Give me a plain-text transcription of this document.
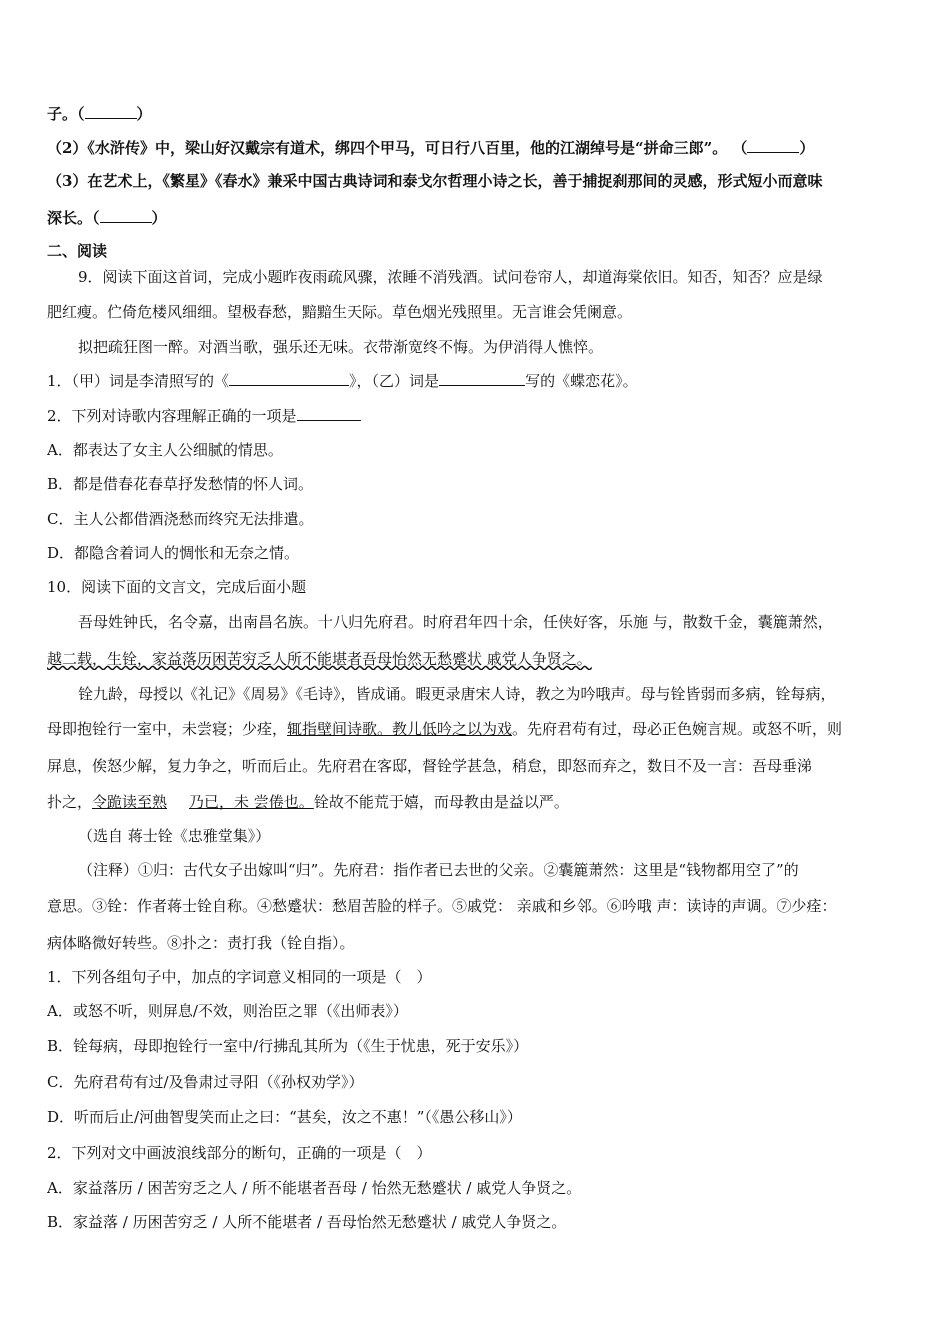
子。（	）
（2）《水浒传》中，梁山好汉戴宗有道术，绑四个甲马，可日行八百里，他的江湖绰号是“拼命三郎”。 （	）
（3）在艺术上，《繁星》《春水》兼采中国古典诗词和泰戈尔哲理小诗之长，善于捕捉刹那间的灵感，形式短小而意味
深长。（	）
二、阅读
9．阅读下面这首词，完成小题昨夜雨疏风骤，浓睡不消残酒。试问卷帘人，却道海棠依旧。知否，知否？应是绿
肥红瘦。伫倚危楼风细细。望极春愁，黯黯生天际。草色烟光残照里。无言谁会凭阑意。
拟把疏狂图一醉。对酒当歌，强乐还无味。衣带渐宽终不悔。为伊消得人憔悴。
1．（甲）词是李清照写的《	》，（乙）词是	写的《蝶恋花》。
2．下列对诗歌内容理解正确的一项是
A．都表达了女主人公细腻的情思。
B．都是借春花春草抒发愁情的怀人词。
C．主人公都借酒浇愁而终究无法排遣。
D．都隐含着词人的惆怅和无奈之情。
10．阅读下面的文言文，完成后面小题
吾母姓钟氏，名令嘉，出南昌名族。十八归先府君。时府君年四十余，任侠好客，乐施 与，散数千金，囊簏萧然，
越二载，生铨，家益落历困苦穷乏人所不能堪者吾母怡然无愁蹙状 戚党人争贤之。
铨九龄，母授以《礼记》《周易》《毛诗》，皆成诵。暇更录唐宋人诗，教之为吟哦声。母与铨皆弱而多病，铨每病，
母即抱铨行一室中，未尝寝；少痊，辄指壁间诗歌。教儿低吟之以为戏。先府君苟有过，母必正色婉言规。或怒不听，则
屏息，俟怒少解，复力争之，听而后止。先府君在客邸，督铨学甚急，稍怠，即怒而弃之，数日不及一言：吾母垂涕
扑之，令跪读至熟 乃已，未 尝倦也。铨故不能荒于嬉，而母教由是益以严。
（选自 蒋士铨《忠雅堂集》）
（注释）①归：古代女子出嫁叫“归”。先府君：指作者已去世的父亲。②囊簏萧然：这里是“钱物都用空了”的
意思。③铨：作者蒋士铨自称。④愁蹙状：愁眉苦脸的样子。⑤戚党： 亲戚和乡邻。⑥吟哦 声：读诗的声调。⑦少痊：
病体略微好转些。⑧扑之：责打我（铨自指）。
1．下列各组句子中，加点的字词意义相同的一项是（　）
A．或怒不听，则屏息/不效，则治臣之罪（《出师表》）
B．铨每病，母即抱铨行一室中/行拂乱其所为（《生于忧患，死于安乐》）
C．先府君苟有过/及鲁肃过寻阳（《孙权劝学》）
D．听而后止/河曲智叟笑而止之曰：“甚矣，汝之不惠！”（《愚公移山》）
2．下列对文中画波浪线部分的断句，正确的一项是（　）
A．家益落历 / 困苦穷乏之人 / 所不能堪者吾母 / 怡然无愁蹙状 / 戚党人争贤之。
B．家益落 / 历困苦穷乏 / 人所不能堪者 / 吾母怡然无愁蹙状 / 戚党人争贤之。
